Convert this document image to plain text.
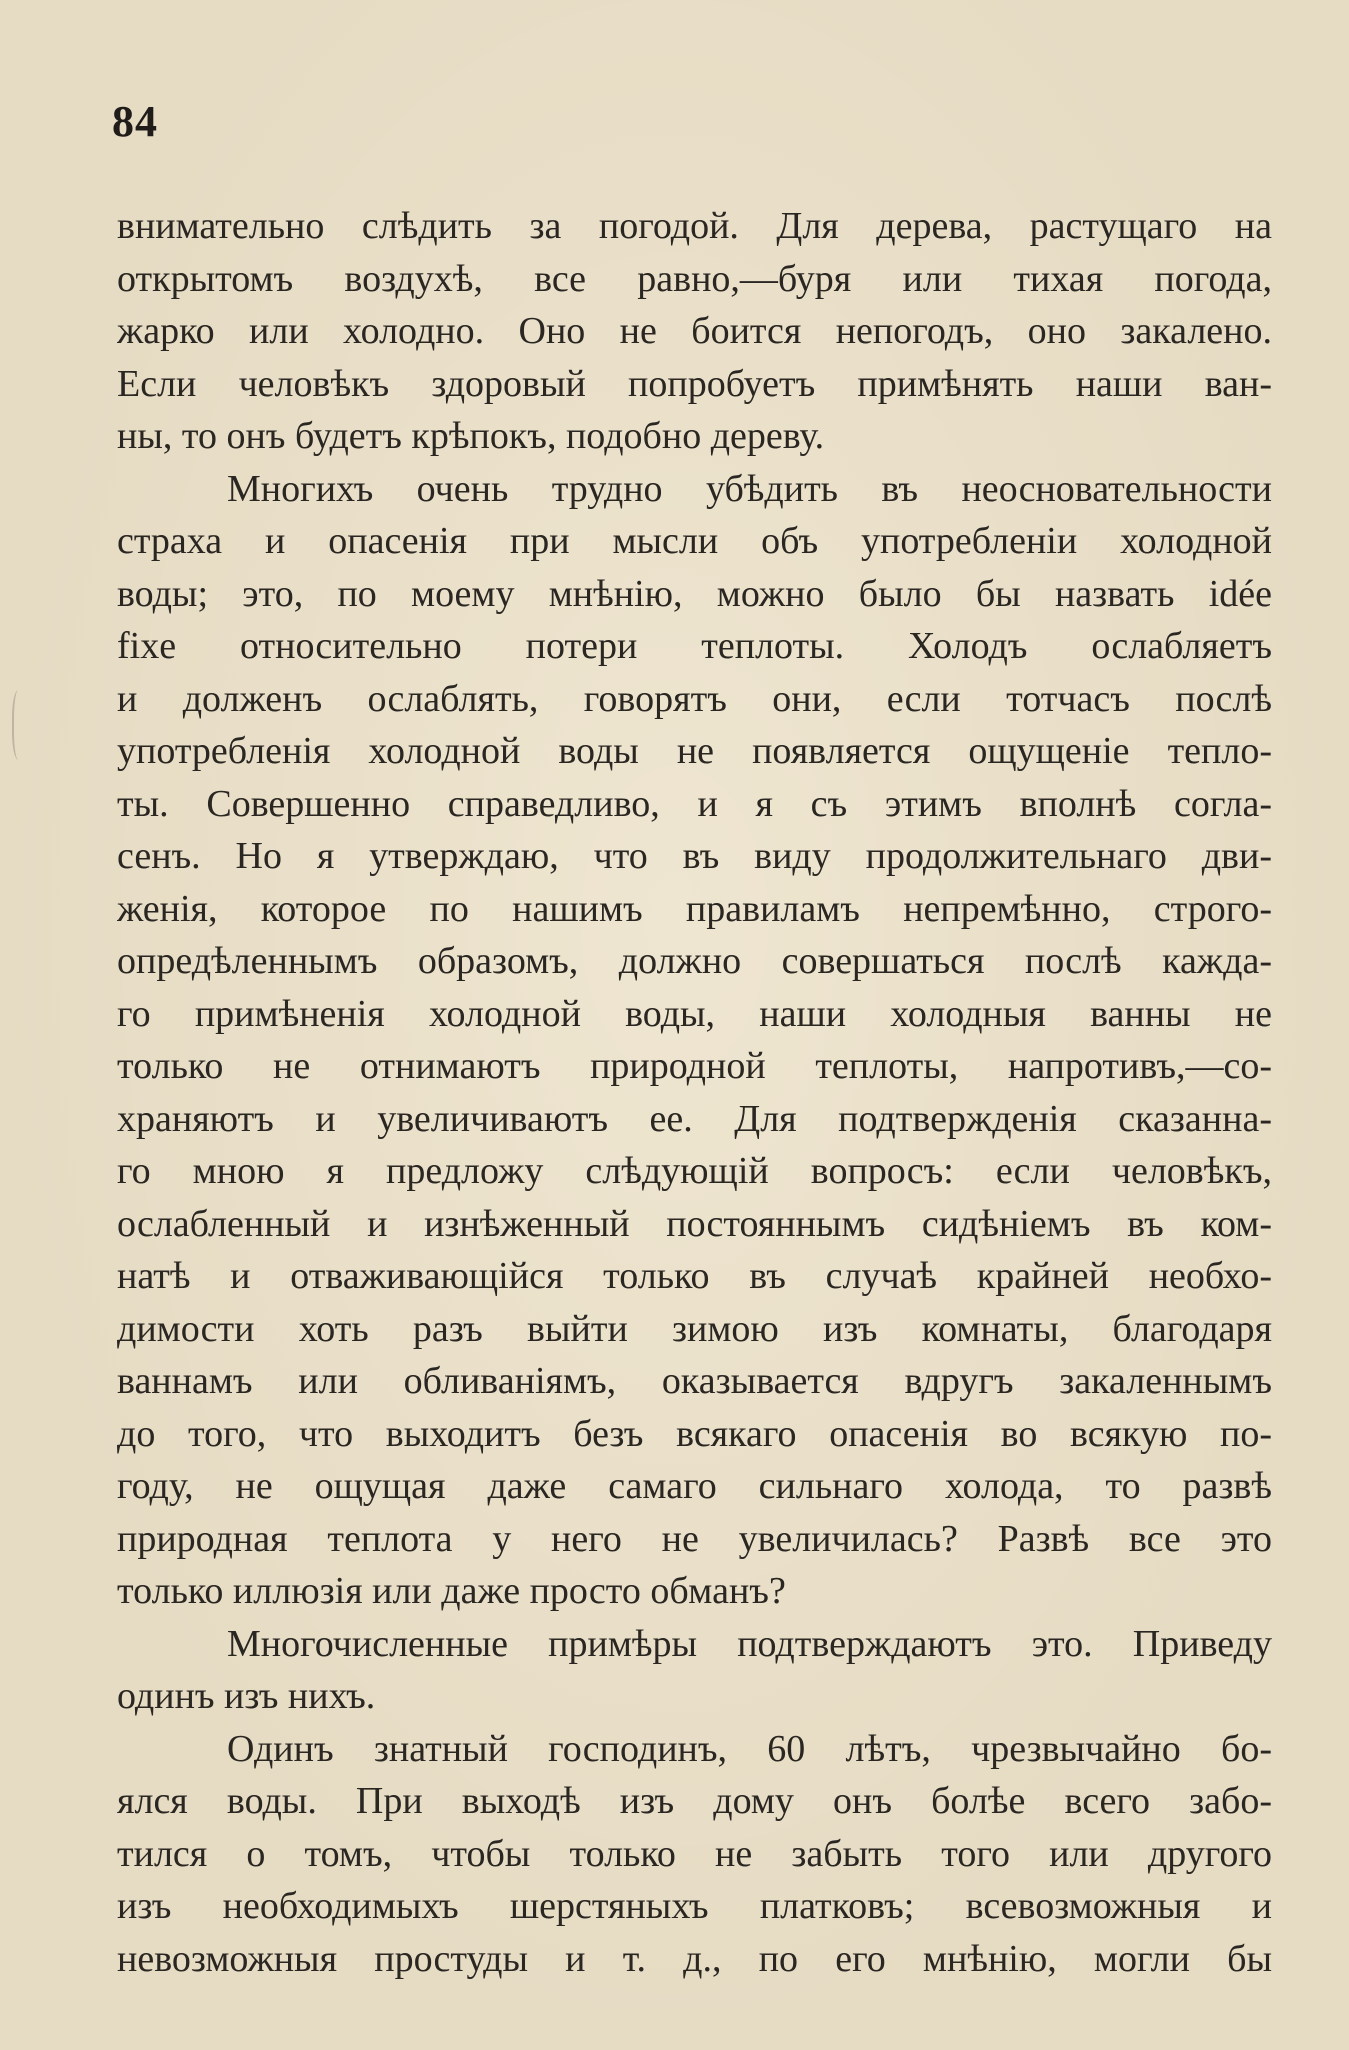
84
внимательно слѣдить за погодой. Для дерева, растущаго на
открытомъ воздухѣ, все равно,—буря или тихая погода,
жарко или холодно. Оно не боится непогодъ, оно закалено.
Если человѣкъ здоровый попробуетъ примѣнять наши ван-
ны, то онъ будетъ крѣпокъ, подобно дереву.
Многихъ очень трудно убѣдить въ неосновательности
страха и опасенія при мысли объ употребленіи холодной
воды; это, по моему мнѣнію, можно было бы назвать idée
fixe относительно потери теплоты. Холодъ ослабляетъ
и долженъ ослаблять, говорятъ они, если тотчасъ послѣ
употребленія холодной воды не появляется ощущеніе тепло-
ты. Совершенно справедливо, и я съ этимъ вполнѣ согла-
сенъ. Но я утверждаю, что въ виду продолжительнаго дви-
женія, которое по нашимъ правиламъ непремѣнно, строго-
опредѣленнымъ образомъ, должно совершаться послѣ кажда-
го примѣненія холодной воды, наши холодныя ванны не
только не отнимаютъ природной теплоты, напротивъ,—со-
храняютъ и увеличиваютъ ее. Для подтвержденія сказанна-
го мною я предложу слѣдующій вопросъ: если человѣкъ,
ослабленный и изнѣженный постояннымъ сидѣніемъ въ ком-
натѣ и отваживающійся только въ случаѣ крайней необхо-
димости хоть разъ выйти зимою изъ комнаты, благодаря
ваннамъ или обливаніямъ, оказывается вдругъ закаленнымъ
до того, что выходитъ безъ всякаго опасенія во всякую по-
году, не ощущая даже самаго сильнаго холода, то развѣ
природная теплота у него не увеличилась? Развѣ все это
только иллюзія или даже просто обманъ?
Многочисленные примѣры подтверждаютъ это. Приведу
одинъ изъ нихъ.
Одинъ знатный господинъ, 60 лѣтъ, чрезвычайно бо-
ялся воды. При выходѣ изъ дому онъ болѣе всего забо-
тился о томъ, чтобы только не забыть того или другого
изъ необходимыхъ шерстяныхъ платковъ; всевозможныя и
невозможныя простуды и т. д., по его мнѣнію, могли бы
